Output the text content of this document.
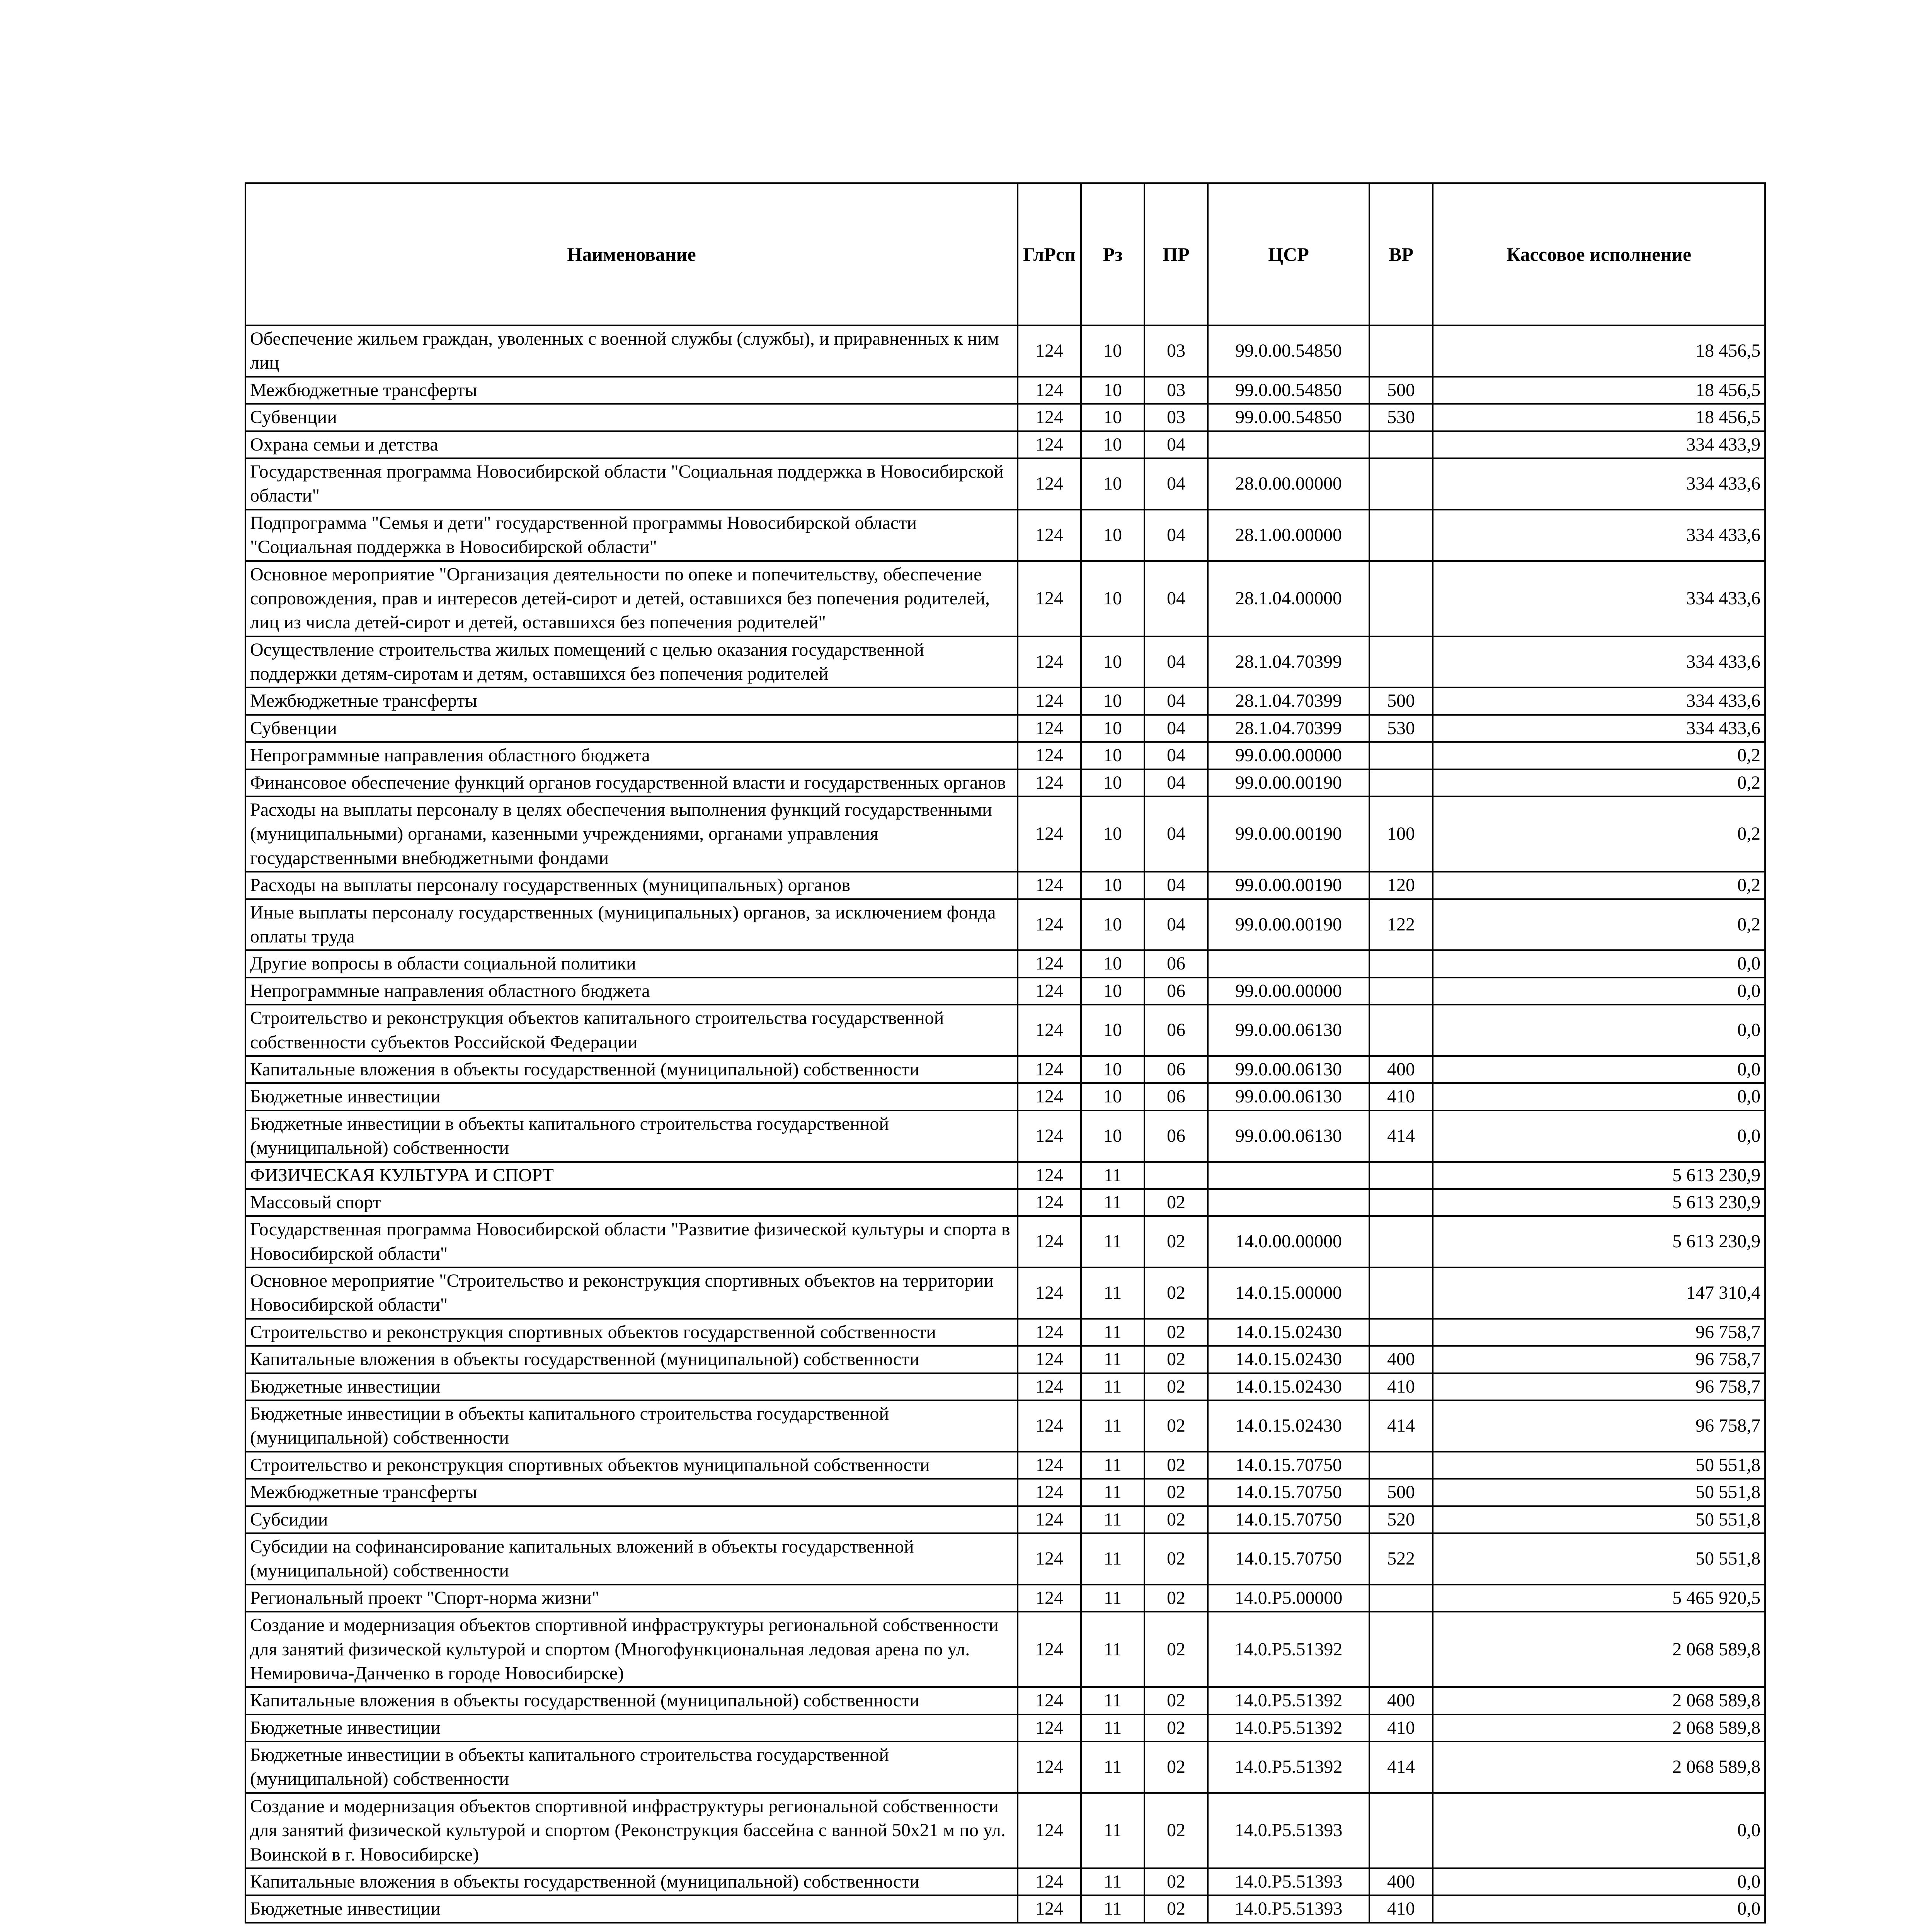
Наименование	ГлРсп	Рз	ПР	ЦСР	ВР	Кассовое исполнение
Обеспечение жильем граждан, уволенных с военной службы (службы), и приравненных к ним лиц	124	10	03	99.0.00.54850		18 456,5
Межбюджетные трансферты	124	10	03	99.0.00.54850	500	18 456,5
Субвенции	124	10	03	99.0.00.54850	530	18 456,5
Охрана семьи и детства	124	10	04			334 433,9
Государственная программа Новосибирской области "Социальная поддержка в Новосибирской области"	124	10	04	28.0.00.00000		334 433,6
Подпрограмма "Семья и дети" государственной программы Новосибирской области "Социальная поддержка в Новосибирской области"	124	10	04	28.1.00.00000		334 433,6
Основное мероприятие "Организация деятельности по опеке и попечительству, обеспечение сопровождения, прав и интересов детей-сирот и детей, оставшихся без попечения родителей, лиц из числа детей-сирот и детей, оставшихся без попечения родителей"	124	10	04	28.1.04.00000		334 433,6
Осуществление строительства жилых помещений с целью оказания государственной поддержки детям-сиротам и детям, оставшихся без попечения родителей	124	10	04	28.1.04.70399		334 433,6
Межбюджетные трансферты	124	10	04	28.1.04.70399	500	334 433,6
Субвенции	124	10	04	28.1.04.70399	530	334 433,6
Непрограммные направления областного бюджета	124	10	04	99.0.00.00000		0,2
Финансовое обеспечение функций органов государственной власти и государственных органов	124	10	04	99.0.00.00190		0,2
Расходы на выплаты персоналу в целях обеспечения выполнения функций государственными (муниципальными) органами, казенными учреждениями, органами управления государственными внебюджетными фондами	124	10	04	99.0.00.00190	100	0,2
Расходы на выплаты персоналу государственных (муниципальных) органов	124	10	04	99.0.00.00190	120	0,2
Иные выплаты персоналу государственных (муниципальных) органов, за исключением фонда оплаты труда	124	10	04	99.0.00.00190	122	0,2
Другие вопросы в области социальной политики	124	10	06			0,0
Непрограммные направления областного бюджета	124	10	06	99.0.00.00000		0,0
Строительство и реконструкция объектов капитального строительства государственной собственности субъектов Российской Федерации	124	10	06	99.0.00.06130		0,0
Капитальные вложения в объекты государственной (муниципальной) собственности	124	10	06	99.0.00.06130	400	0,0
Бюджетные инвестиции	124	10	06	99.0.00.06130	410	0,0
Бюджетные инвестиции в объекты капитального строительства государственной (муниципальной) собственности	124	10	06	99.0.00.06130	414	0,0
ФИЗИЧЕСКАЯ КУЛЬТУРА И СПОРТ	124	11				5 613 230,9
Массовый спорт	124	11	02			5 613 230,9
Государственная программа Новосибирской области "Развитие физической культуры и спорта в Новосибирской области"	124	11	02	14.0.00.00000		5 613 230,9
Основное мероприятие "Строительство и реконструкция спортивных объектов на территории Новосибирской области"	124	11	02	14.0.15.00000		147 310,4
Строительство и реконструкция спортивных объектов государственной собственности	124	11	02	14.0.15.02430		96 758,7
Капитальные вложения в объекты государственной (муниципальной) собственности	124	11	02	14.0.15.02430	400	96 758,7
Бюджетные инвестиции	124	11	02	14.0.15.02430	410	96 758,7
Бюджетные инвестиции в объекты капитального строительства государственной (муниципальной) собственности	124	11	02	14.0.15.02430	414	96 758,7
Строительство и реконструкция спортивных объектов муниципальной собственности	124	11	02	14.0.15.70750		50 551,8
Межбюджетные трансферты	124	11	02	14.0.15.70750	500	50 551,8
Субсидии	124	11	02	14.0.15.70750	520	50 551,8
Субсидии на софинансирование капитальных вложений в объекты государственной (муниципальной) собственности	124	11	02	14.0.15.70750	522	50 551,8
Региональный проект "Спорт-норма жизни"	124	11	02	14.0.P5.00000		5 465 920,5
Создание и модернизация объектов спортивной инфраструктуры региональной собственности для занятий физической культурой и спортом (Многофункциональная ледовая арена по ул. Немировича-Данченко в городе Новосибирске)	124	11	02	14.0.P5.51392		2 068 589,8
Капитальные вложения в объекты государственной (муниципальной) собственности	124	11	02	14.0.P5.51392	400	2 068 589,8
Бюджетные инвестиции	124	11	02	14.0.P5.51392	410	2 068 589,8
Бюджетные инвестиции в объекты капитального строительства государственной (муниципальной) собственности	124	11	02	14.0.P5.51392	414	2 068 589,8
Создание и модернизация объектов спортивной инфраструктуры региональной собственности для занятий физической культурой и спортом (Реконструкция бассейна с ванной 50х21 м по ул. Воинской в г. Новосибирске)	124	11	02	14.0.P5.51393		0,0
Капитальные вложения в объекты государственной (муниципальной) собственности	124	11	02	14.0.P5.51393	400	0,0
Бюджетные инвестиции	124	11	02	14.0.P5.51393	410	0,0
